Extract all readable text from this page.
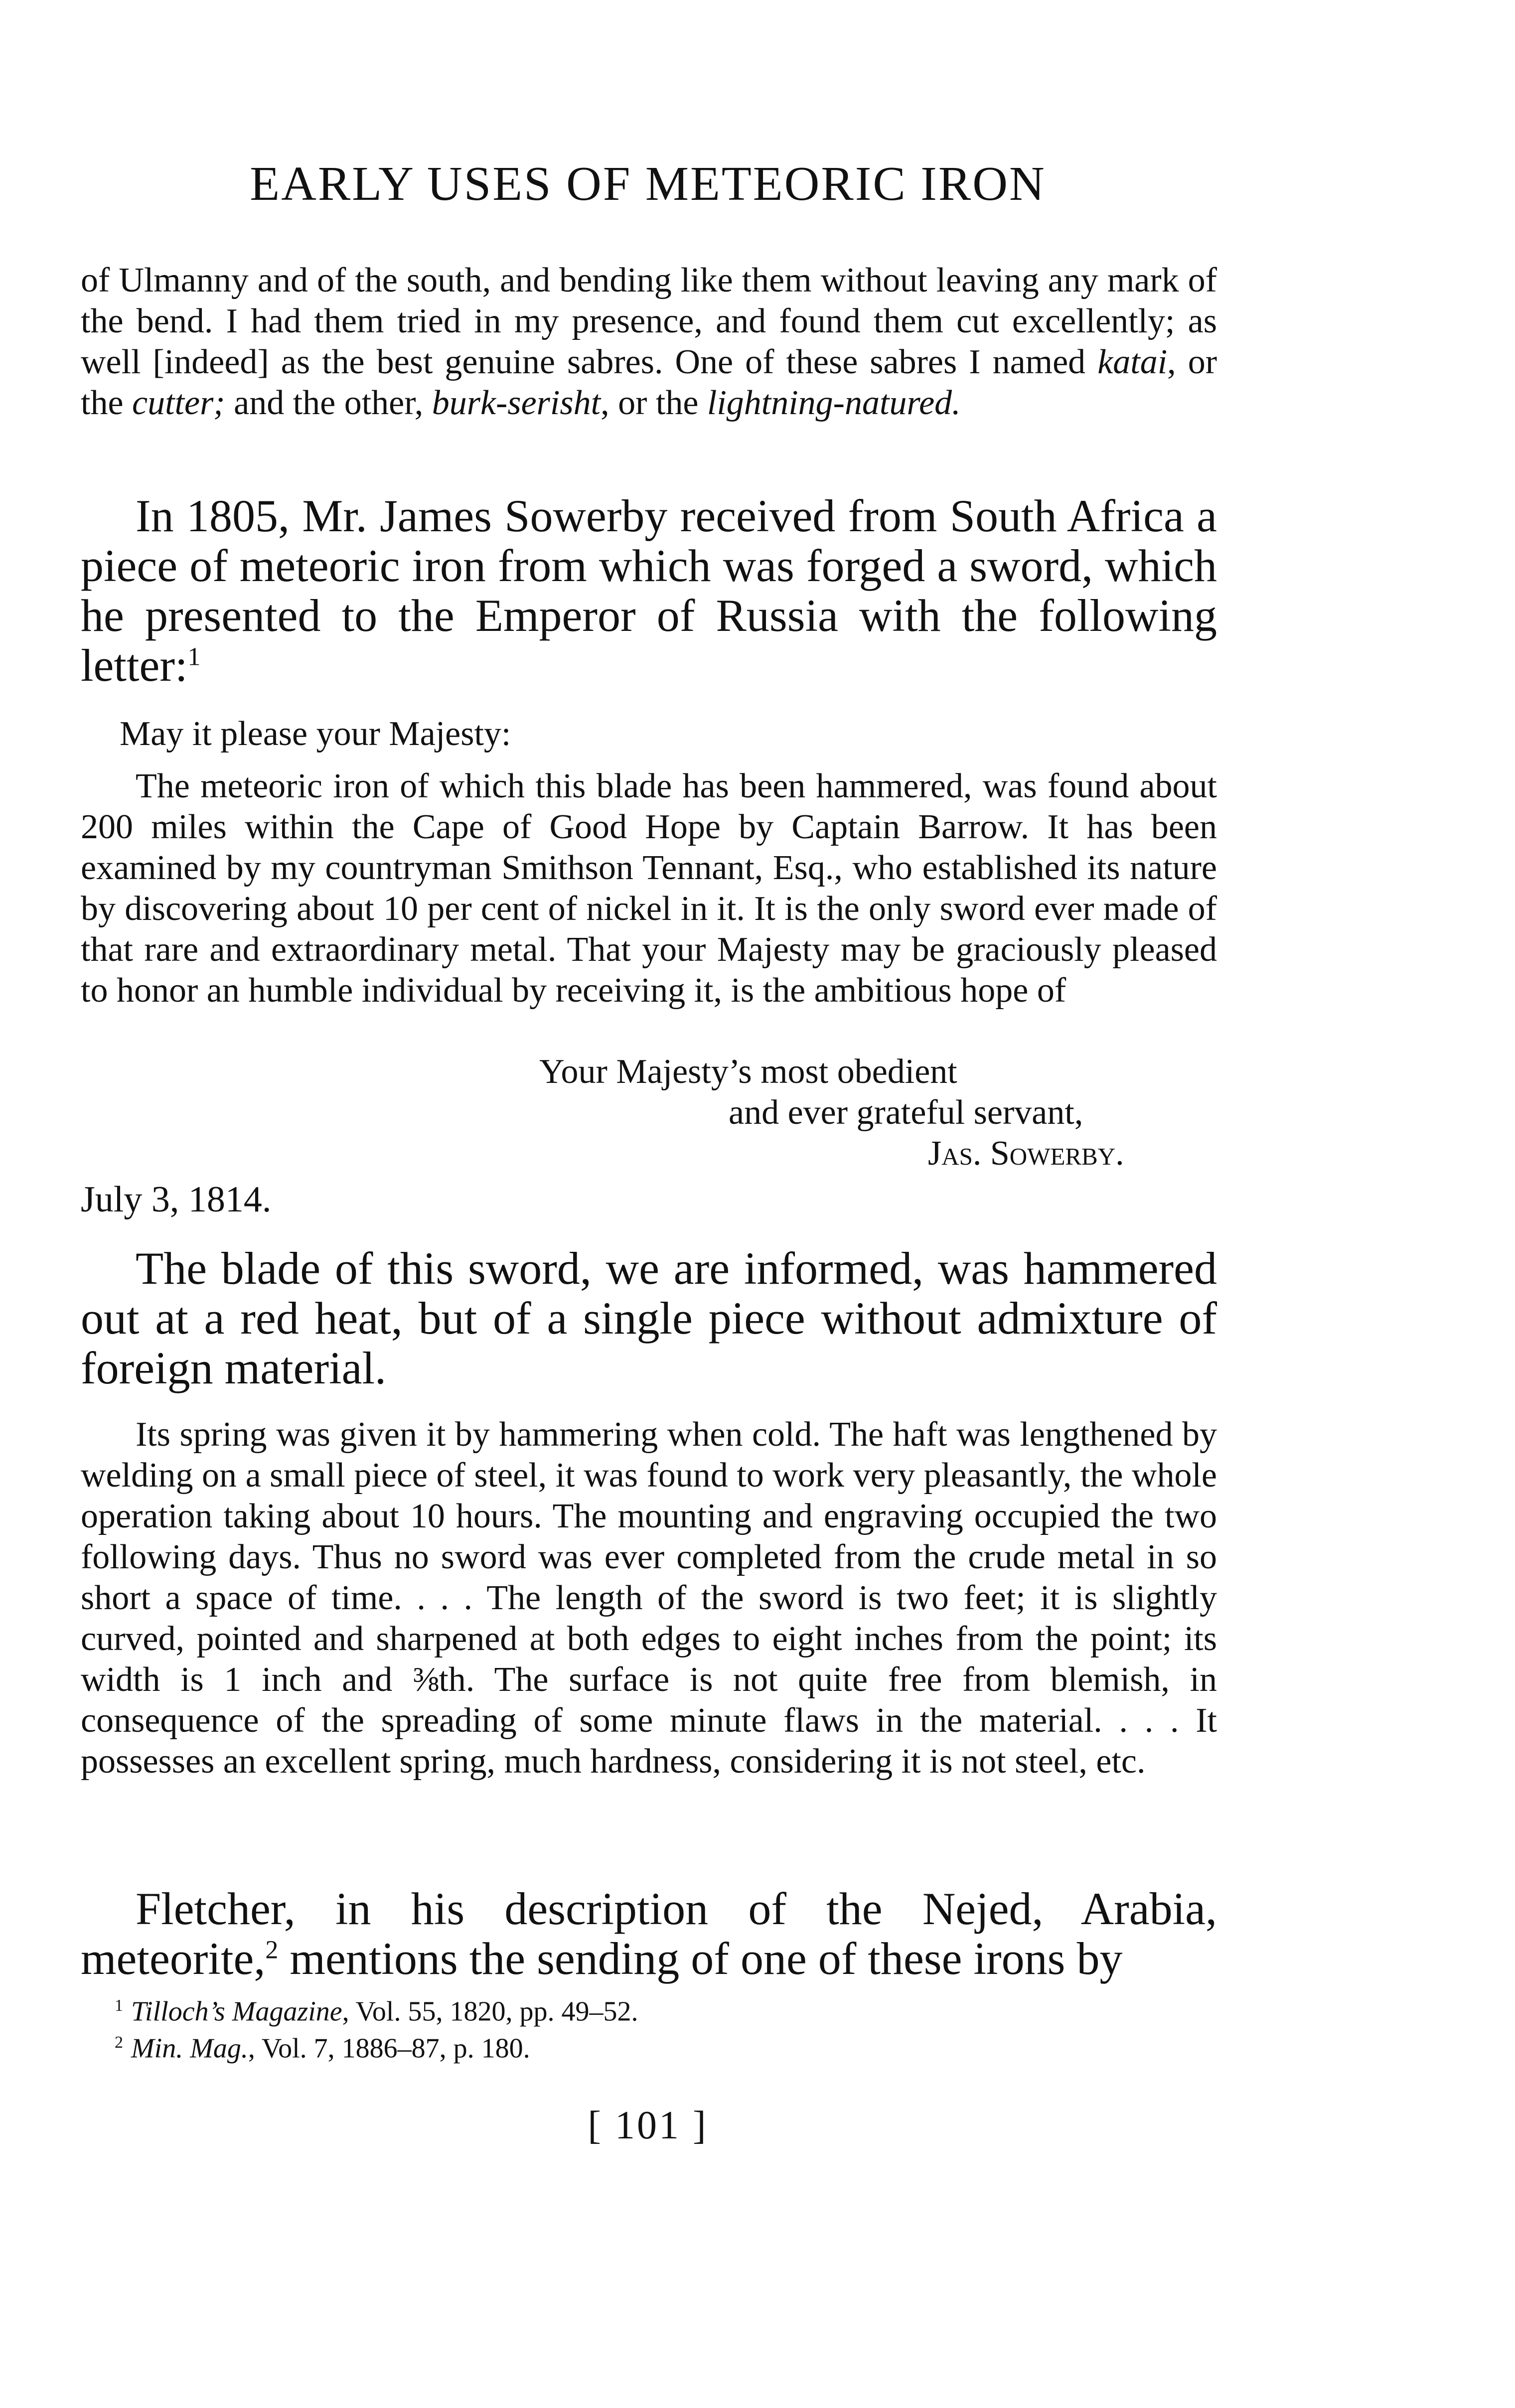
EARLY USES OF METEORIC IRON

of Ulmanny and of the south, and bending like them without leaving any mark of the bend. I had them tried in my presence, and found them cut excellently; as well [indeed] as the best genuine sabres. One of these sabres I named katai, or the cutter; and the other, burk-serisht, or the lightning-natured.

In 1805, Mr. James Sowerby received from South Africa a piece of meteoric iron from which was forged a sword, which he presented to the Emperor of Russia with the following letter:$^1$

May it please your Majesty:

The meteoric iron of which this blade has been hammered, was found about 200 miles within the Cape of Good Hope by Captain Barrow. It has been examined by my countryman Smithson Tennant, Esq., who established its nature by discovering about 10 per cent of nickel in it. It is the only sword ever made of that rare and extraordinary metal. That your Majesty may be graciously pleased to honor an humble individual by receiving it, is the ambitious hope of

Your Majesty’s most obedient
and ever grateful servant,
Jas. Sowerby.
July 3, 1814.

The blade of this sword, we are informed, was hammered out at a red heat, but of a single piece without admixture of foreign material.

Its spring was given it by hammering when cold. The haft was lengthened by welding on a small piece of steel, it was found to work very pleasantly, the whole operation taking about 10 hours. The mounting and engraving occupied the two following days. Thus no sword was ever completed from the crude metal in so short a space of time. . . . The length of the sword is two feet; it is slightly curved, pointed and sharpened at both edges to eight inches from the point; its width is 1 inch and ⅜th. The surface is not quite free from blemish, in consequence of the spreading of some minute flaws in the material. . . . It possesses an excellent spring, much hardness, considering it is not steel, etc.

Fletcher, in his description of the Nejed, Arabia, meteorite,$^2$ mentions the sending of one of these irons by

$^1$ Tilloch’s Magazine, Vol. 55, 1820, pp. 49–52.
$^2$ Min. Mag., Vol. 7, 1886–87, p. 180.
[ 101 ]
